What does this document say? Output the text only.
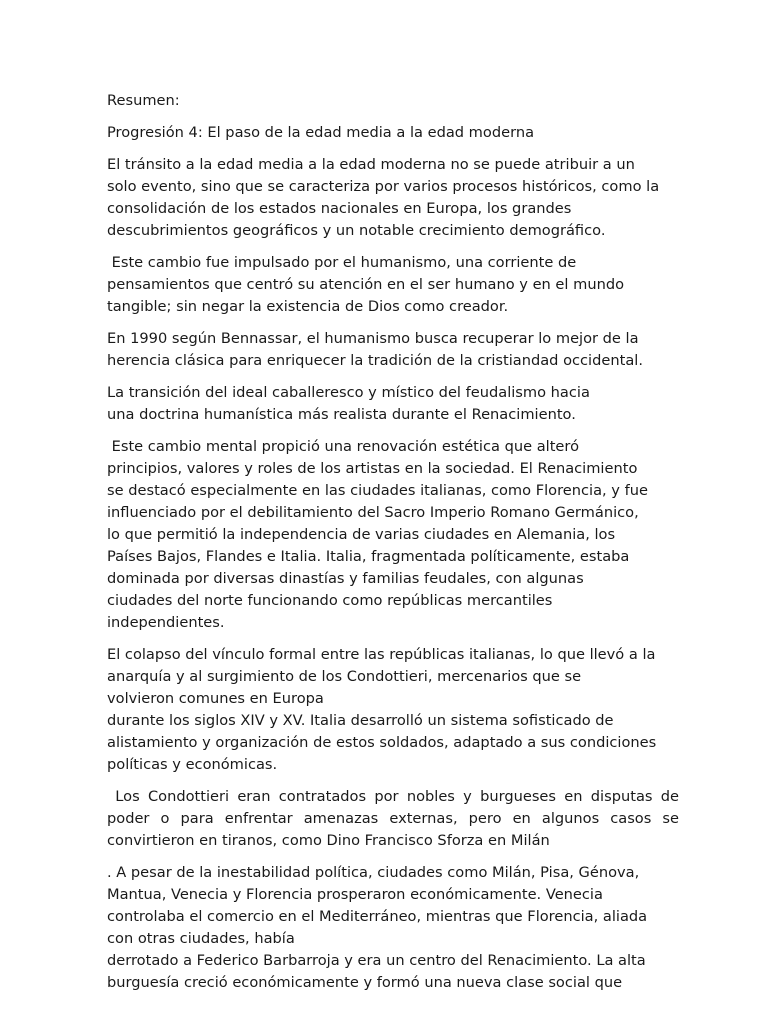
Resumen:

Progresión 4: El paso de la edad media a la edad moderna

El tránsito a la edad media a la edad moderna no se puede atribuir a un
solo evento, sino que se caracteriza por varios procesos históricos, como la
consolidación de los estados nacionales en Europa, los grandes
descubrimientos geográficos y un notable crecimiento demográfico.

Este cambio fue impulsado por el humanismo, una corriente de
pensamientos que centró su atención en el ser humano y en el mundo
tangible; sin negar la existencia de Dios como creador.

En 1990 según Bennassar, el humanismo busca recuperar lo mejor de la
herencia clásica para enriquecer la tradición de la cristiandad occidental.

La transición del ideal caballeresco y místico del feudalismo hacia
una doctrina humanística más realista durante el Renacimiento.

Este cambio mental propició una renovación estética que alteró
principios, valores y roles de los artistas en la sociedad. El Renacimiento
se destacó especialmente en las ciudades italianas, como Florencia, y fue
influenciado por el debilitamiento del Sacro Imperio Romano Germánico,
lo que permitió la independencia de varias ciudades en Alemania, los
Países Bajos, Flandes e Italia. Italia, fragmentada políticamente, estaba
dominada por diversas dinastías y familias feudales, con algunas
ciudades del norte funcionando como repúblicas mercantiles
independientes.

El colapso del vínculo formal entre las repúblicas italianas, lo que llevó a la
anarquía y al surgimiento de los Condottieri, mercenarios que se
volvieron comunes en Europa
durante los siglos XIV y XV. Italia desarrolló un sistema sofisticado de
alistamiento y organización de estos soldados, adaptado a sus condiciones
políticas y económicas.

Los Condottieri eran contratados por nobles y burgueses en disputas de
poder o para enfrentar amenazas externas, pero en algunos casos se
convirtieron en tiranos, como Dino Francisco Sforza en Milán

. A pesar de la inestabilidad política, ciudades como Milán, Pisa, Génova,
Mantua, Venecia y Florencia prosperaron económicamente. Venecia
controlaba el comercio en el Mediterráneo, mientras que Florencia, aliada
con otras ciudades, había
derrotado a Federico Barbarroja y era un centro del Renacimiento. La alta
burguesía creció económicamente y formó una nueva clase social que
